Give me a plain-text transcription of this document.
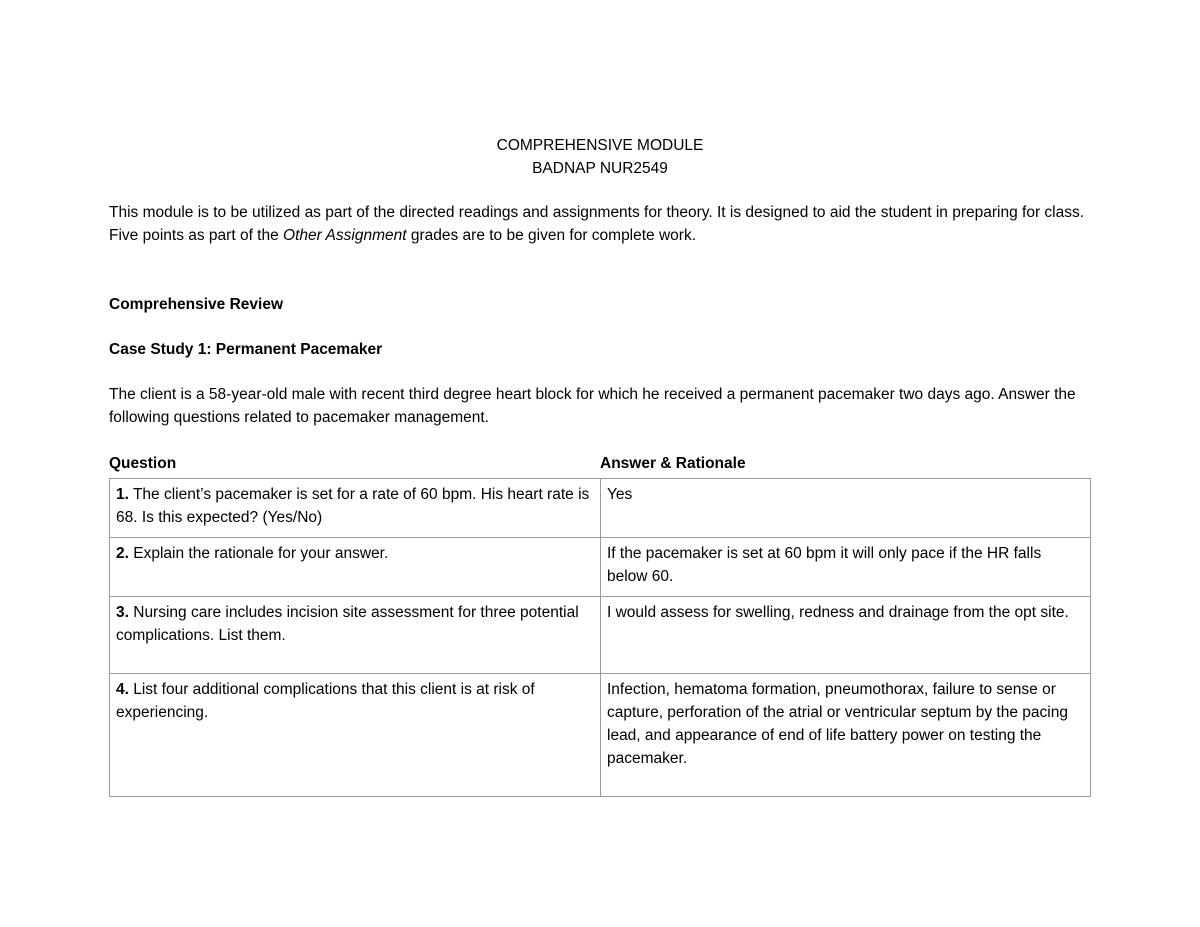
COMPREHENSIVE MODULE
BADNAP NUR2549
This module is to be utilized as part of the directed readings and assignments for theory. It is designed to aid the student in preparing for class. Five points as part of the Other Assignment grades are to be given for complete work.
Comprehensive Review
Case Study 1: Permanent Pacemaker
The client is a 58-year-old male with recent third degree heart block for which he received a permanent pacemaker two days ago. Answer the following questions related to pacemaker management.
Question	Answer & Rationale
1. The client’s pacemaker is set for a rate of 60 bpm. His heart rate is 68. Is this expected? (Yes/No)	Yes
2. Explain the rationale for your answer.	If the pacemaker is set at 60 bpm it will only pace if the HR falls below 60.
3. Nursing care includes incision site assessment for three potential complications. List them.	I would assess for swelling, redness and drainage from the opt site.
4. List four additional complications that this client is at risk of experiencing.	Infection, hematoma formation, pneumothorax, failure to sense or capture, perforation of the atrial or ventricular septum by the pacing lead, and appearance of end of life battery power on testing the pacemaker.
